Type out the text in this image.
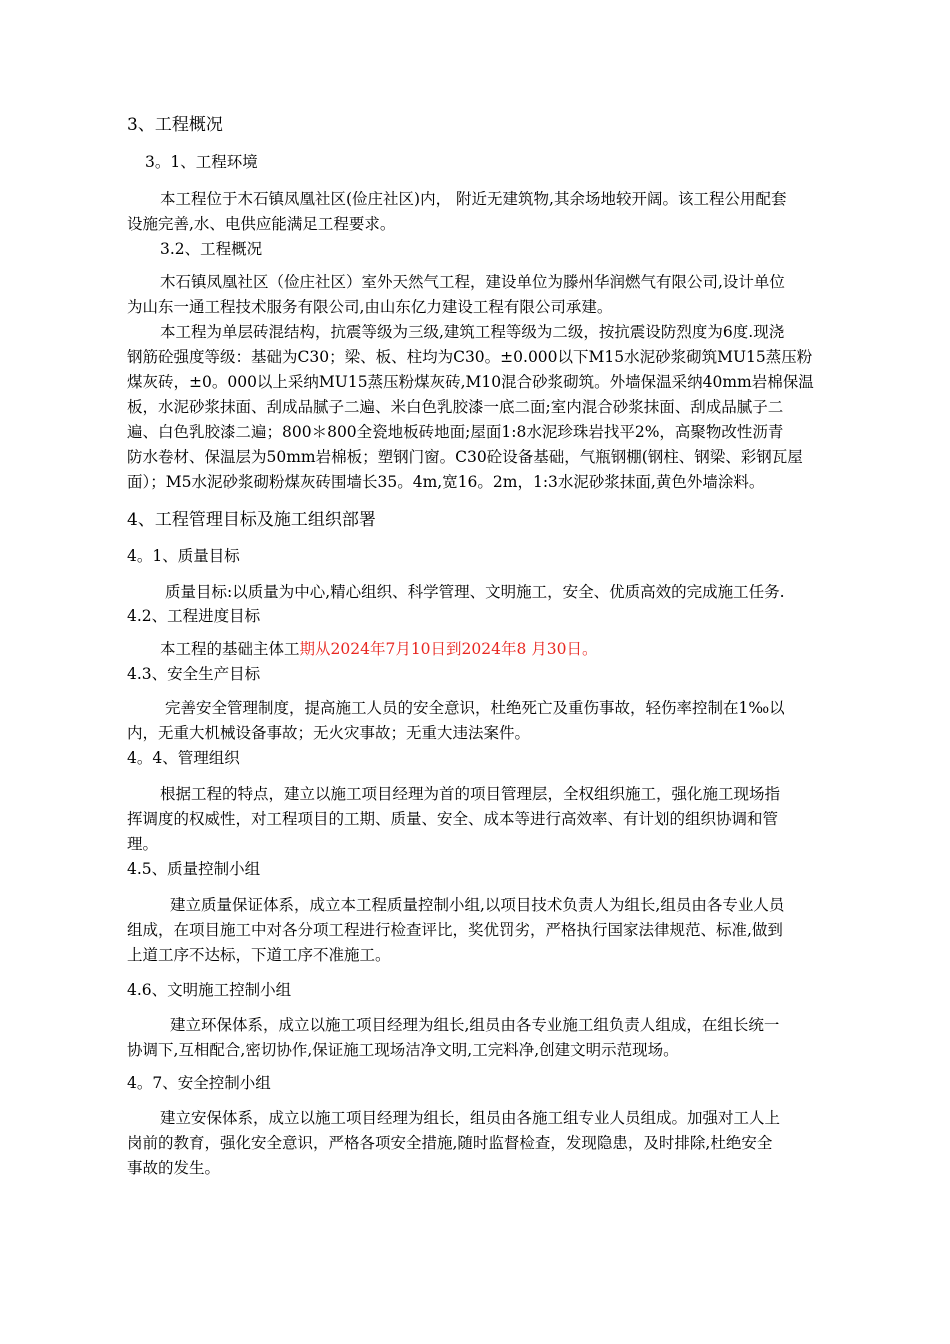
3、工程概况
3。1、工程环境
本工程位于木石镇凤凰社区(俭庄社区)内， 附近无建筑物,其余场地较开阔。该工程公用配套
设施完善,水、电供应能满足工程要求。
3.2、工程概况
木石镇凤凰社区（俭庄社区）室外天然气工程，建设单位为滕州华润燃气有限公司,设计单位
为山东一通工程技术服务有限公司,由山东亿力建设工程有限公司承建。
本工程为单层砖混结构，抗震等级为三级,建筑工程等级为二级，按抗震设防烈度为6度.现浇
钢筋砼强度等级：基础为C30；梁、板、柱均为C30。±0.000以下M15水泥砂浆砌筑MU15蒸压粉
煤灰砖，±0。000以上采纳MU15蒸压粉煤灰砖,M10混合砂浆砌筑。外墙保温采纳40mm岩棉保温
板，水泥砂浆抹面、刮成品腻子二遍、米白色乳胶漆一底二面;室内混合砂浆抹面、刮成品腻子二
遍、白色乳胶漆二遍；800＊800全瓷地板砖地面;屋面1:8水泥珍珠岩找平2%，高聚物改性沥青
防水卷材、保温层为50mm岩棉板；塑钢门窗。C30砼设备基础，气瓶钢棚(钢柱、钢梁、彩钢瓦屋
面）；M5水泥砂浆砌粉煤灰砖围墙长35。4m,宽16。2m，1:3水泥砂浆抹面,黄色外墙涂料。
4、工程管理目标及施工组织部署
4。1、质量目标
质量目标:以质量为中心,精心组织、科学管理、文明施工，安全、优质高效的完成施工任务.
4.2、工程进度目标
本工程的基础主体工期从2024年7月10日到2024年8 月30日。
4.3、安全生产目标
完善安全管理制度，提高施工人员的安全意识，杜绝死亡及重伤事故，轻伤率控制在1‰以
内，无重大机械设备事故；无火灾事故；无重大违法案件。
4。4、管理组织
根据工程的特点，建立以施工项目经理为首的项目管理层，全权组织施工，强化施工现场指
挥调度的权威性，对工程项目的工期、质量、安全、成本等进行高效率、有计划的组织协调和管
理。
4.5、质量控制小组
建立质量保证体系，成立本工程质量控制小组,以项目技术负责人为组长,组员由各专业人员
组成，在项目施工中对各分项工程进行检查评比，奖优罚劣，严格执行国家法律规范、标准,做到
上道工序不达标，下道工序不准施工。
4.6、文明施工控制小组
建立环保体系，成立以施工项目经理为组长,组员由各专业施工组负责人组成，在组长统一
协调下,互相配合,密切协作,保证施工现场洁净文明,工完料净,创建文明示范现场。
4。7、安全控制小组
建立安保体系，成立以施工项目经理为组长，组员由各施工组专业人员组成。加强对工人上
岗前的教育，强化安全意识，严格各项安全措施,随时监督检查，发现隐患，及时排除,杜绝安全
事故的发生。
